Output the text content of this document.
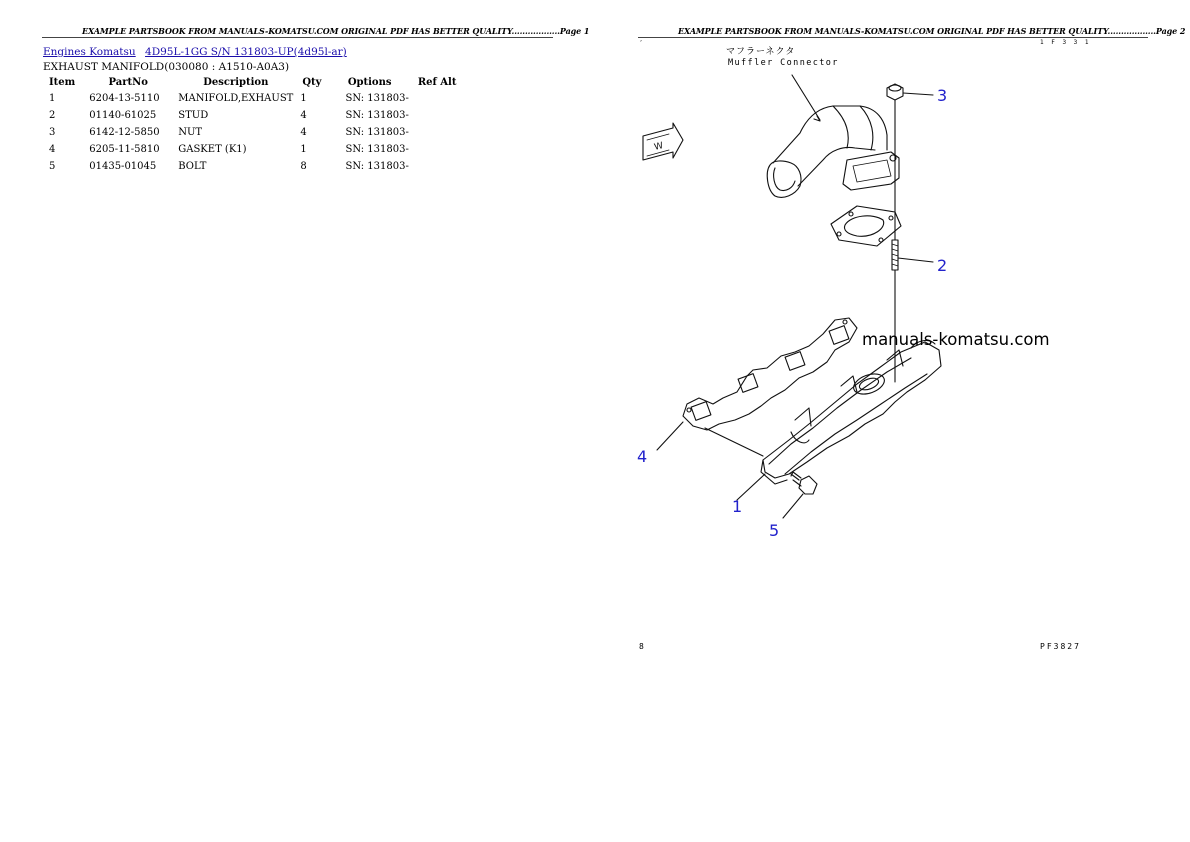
EXAMPLE PARTSBOOK FROM MANUALS-KOMATSU.COM ORIGINAL PDF HAS BETTER QUALITY..................Page 1
Engines Komatsu 4D95L-1GG S/N 131803-UP(4d95l-ar)
EXHAUST MANIFOLD(030080 : A1510-A0A3)
Item	PartNo	Description	Qty	Options	Ref Alt
1	6204-13-5110	MANIFOLD,EXHAUST	1	SN: 131803-	
2	01140-61025	STUD	4	SN: 131803-	
3	6142-12-5850	NUT	4	SN: 131803-	
4	6205-11-5810	GASKET (K1)	1	SN: 131803-	
5	01435-01045	BOLT	8	SN: 131803-	
EXAMPLE PARTSBOOK FROM MANUALS-KOMATSU.COM ORIGINAL PDF HAS BETTER QUALITY..................Page 2
’	1 F 3 3 1
W
マフラーネクタ
Muffler Connector
manuals-komatsu.com
3
2
4
1
5
8	PF3827
